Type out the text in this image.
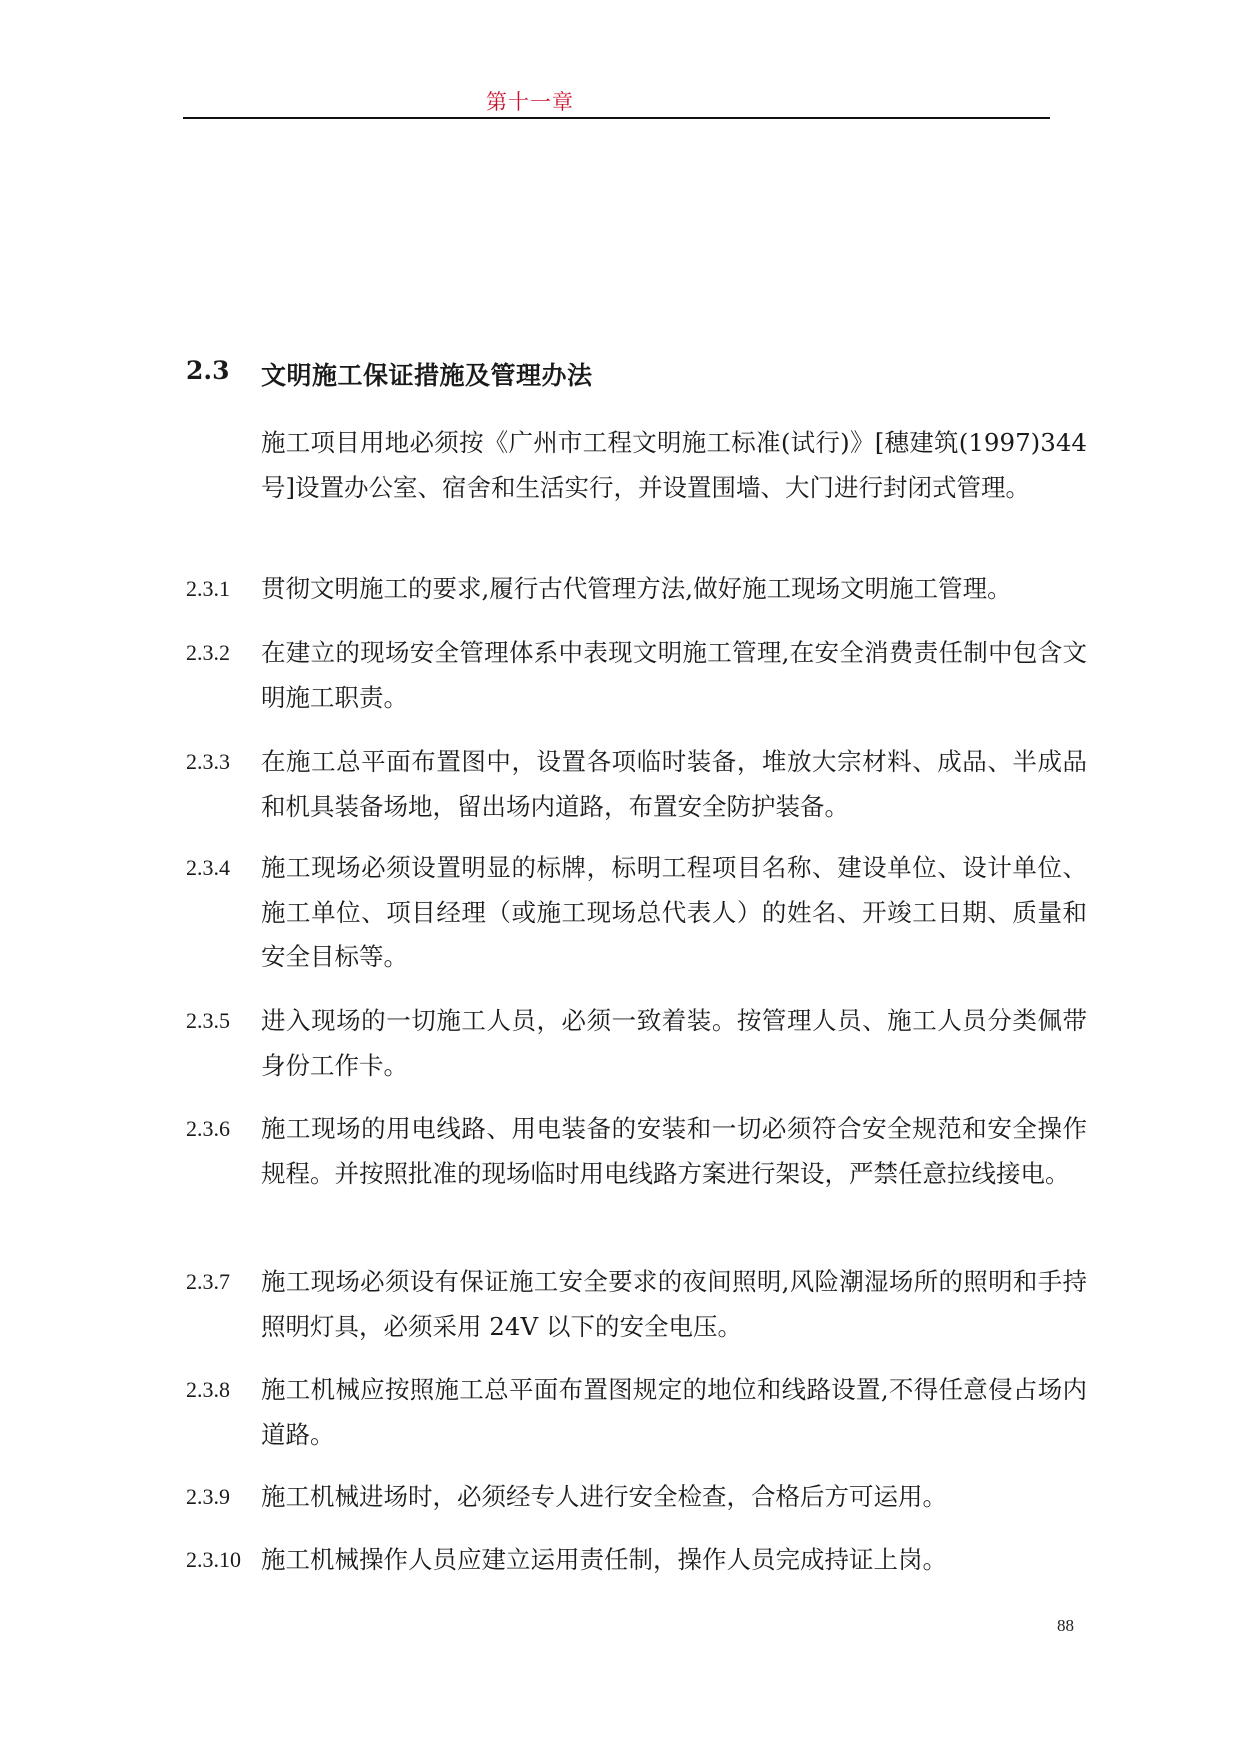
第十一章
2.3 文明施工保证措施及管理办法
施工项目用地必须按《广州市工程文明施工标准(试行)》[穗建筑(1997)344 号]设置办公室、宿舍和生活实行，并设置围墙、大门进行封闭式管理。
2.3.1 贯彻文明施工的要求,履行古代管理方法,做好施工现场文明施工管理。
2.3.2 在建立的现场安全管理体系中表现文明施工管理,在安全消费责任制中包含文明施工职责。
2.3.3 在施工总平面布置图中，设置各项临时装备，堆放大宗材料、成品、半成品和机具装备场地，留出场内道路，布置安全防护装备。
2.3.4 施工现场必须设置明显的标牌，标明工程项目名称、建设单位、设计单位、施工单位、项目经理（或施工现场总代表人）的姓名、开竣工日期、质量和安全目标等。
2.3.5 进入现场的一切施工人员，必须一致着装。按管理人员、施工人员分类佩带身份工作卡。
2.3.6 施工现场的用电线路、用电装备的安装和一切必须符合安全规范和安全操作规程。并按照批准的现场临时用电线路方案进行架设，严禁任意拉线接电。
2.3.7 施工现场必须设有保证施工安全要求的夜间照明,风险潮湿场所的照明和手持照明灯具，必须采用 24V 以下的安全电压。
2.3.8 施工机械应按照施工总平面布置图规定的地位和线路设置,不得任意侵占场内道路。
2.3.9 施工机械进场时，必须经专人进行安全检查，合格后方可运用。
2.3.10 施工机械操作人员应建立运用责任制，操作人员完成持证上岗。
88
